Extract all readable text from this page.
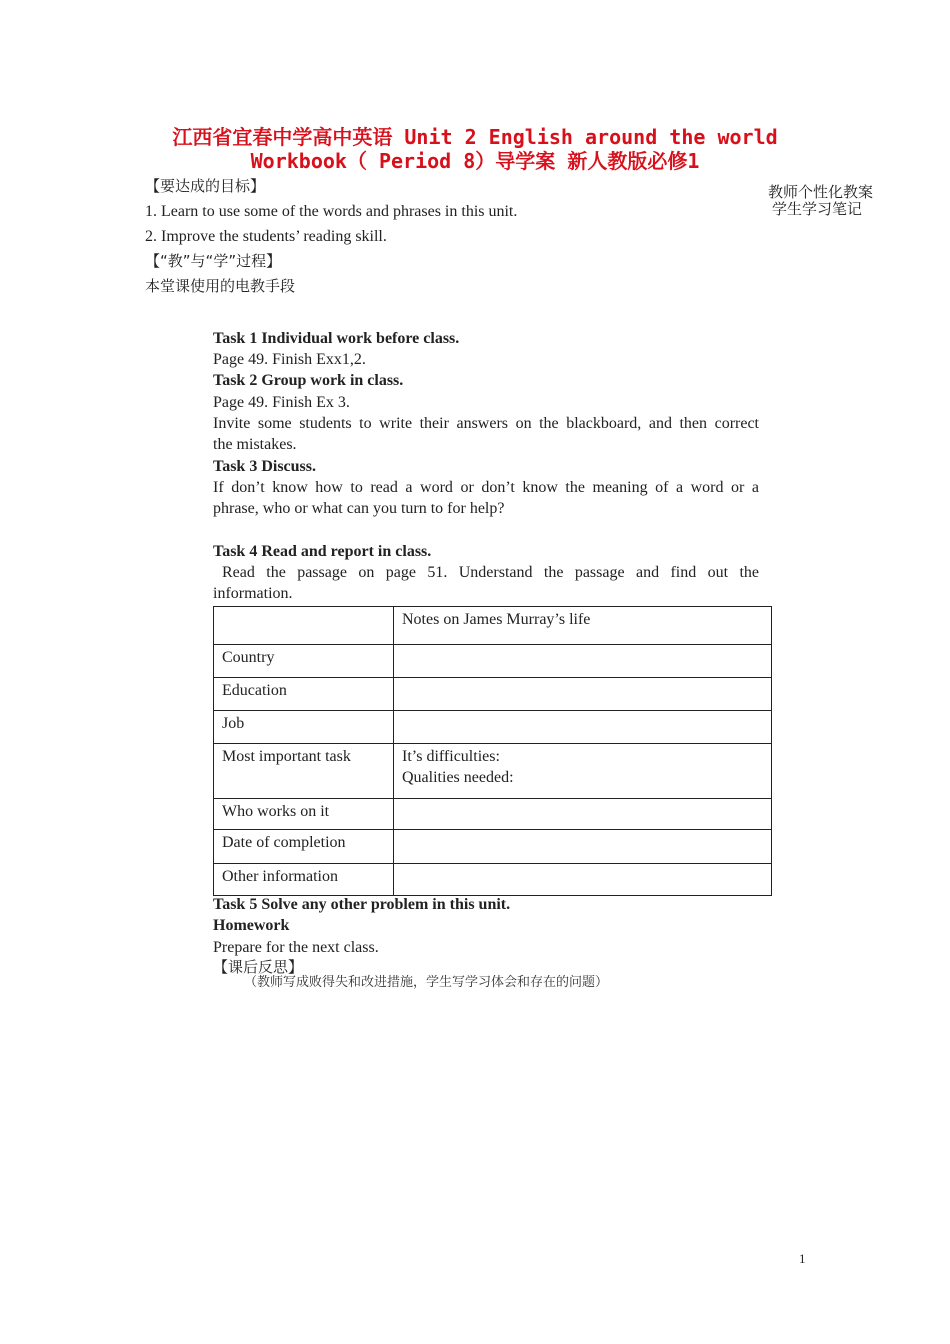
江西省宜春中学高中英语 Unit 2 English around the world
Workbook（ Period 8）导学案 新人教版必修1
教师个性化教案
学生学习笔记
【要达成的目标】
1. Learn to use some of the words and phrases in this unit.
2. Improve the students’ reading skill.
【“教”与“学”过程】
本堂课使用的电教手段
Task 1 Individual work before class.
Page 49. Finish Exx1,2.
Task 2 Group work in class.
Page 49. Finish Ex 3.
Invite some students to write their answers on the blackboard, and then correct
the mistakes.
Task 3 Discuss.
If don’t know how to read a word or don’t know the meaning of a word or a
phrase, who or what can you turn to for help?
Task 4 Read and report in class.
Read the passage on page 51. Understand the passage and find out the
information.
	Notes on James Murray’s life
Country	
Education	
Job	
Most important task	It’s difficulties:
Qualities needed:

Who works on it	
Date of completion	
Other information	
Task 5 Solve any other problem in this unit.
Homework
Prepare for the next class.
【课后反思】
（教师写成败得失和改进措施，学生写学习体会和存在的问题）
1
